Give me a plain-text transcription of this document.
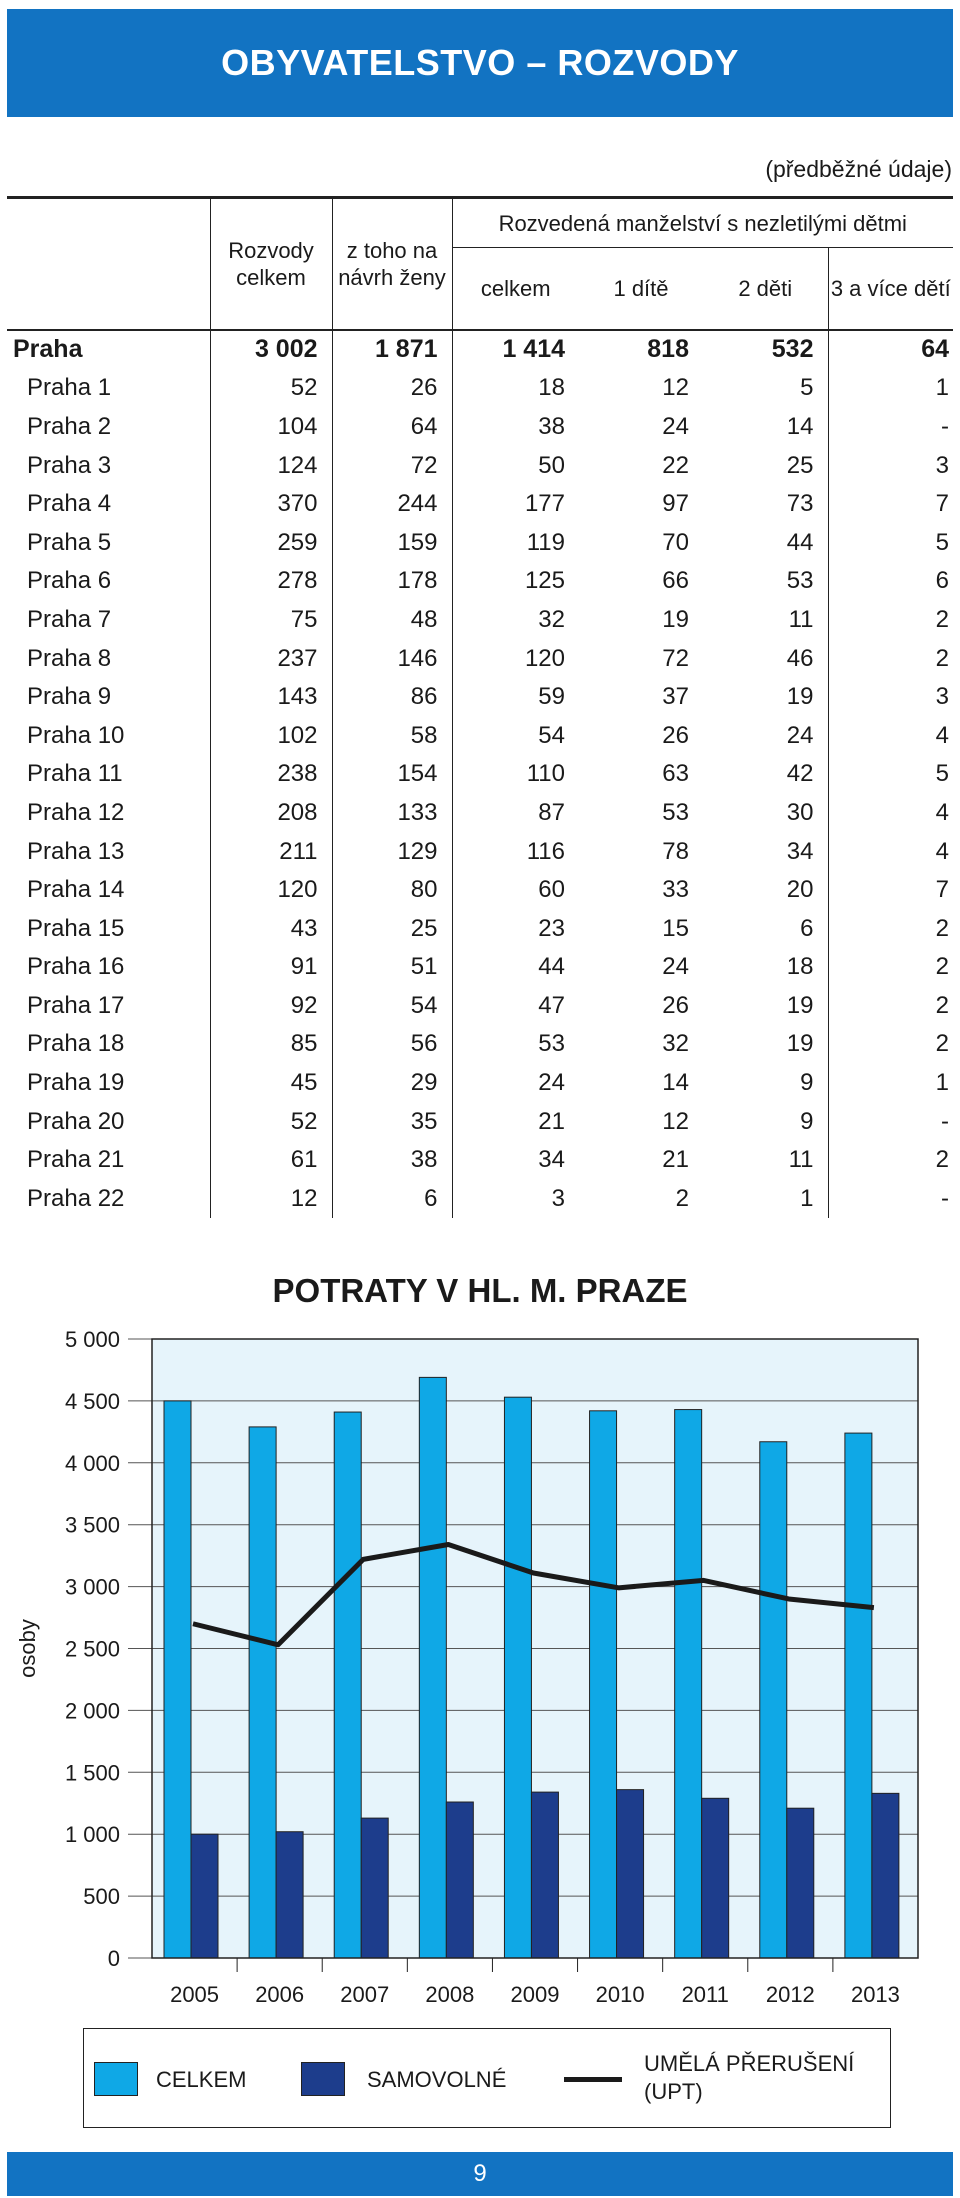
OBYVATELSTVO – ROZVODY
(předběžné údaje)
	Rozvody celkem	z toho na návrh ženy	Rozvedená manželství s nezletilými dětmi			
			celkem	1 dítě	2 děti	3 a více dětí
Praha	3 002	1 871	1 414	818	532	64
Praha 1	52	26	18	12	5	1
Praha 2	104	64	38	24	14	-
Praha 3	124	72	50	22	25	3
Praha 4	370	244	177	97	73	7
Praha 5	259	159	119	70	44	5
Praha 6	278	178	125	66	53	6
Praha 7	75	48	32	19	11	2
Praha 8	237	146	120	72	46	2
Praha 9	143	86	59	37	19	3
Praha 10	102	58	54	26	24	4
Praha 11	238	154	110	63	42	5
Praha 12	208	133	87	53	30	4
Praha 13	211	129	116	78	34	4
Praha 14	120	80	60	33	20	7
Praha 15	43	25	23	15	6	2
Praha 16	91	51	44	24	18	2
Praha 17	92	54	47	26	19	2
Praha 18	85	56	53	32	19	2
Praha 19	45	29	24	14	9	1
Praha 20	52	35	21	12	9	-
Praha 21	61	38	34	21	11	2
Praha 22	12	6	3	2	1	-
POTRATY V HL. M. PRAZE
0
500
1 000
1 500
2 000
2 500
3 000
3 500
4 000
4 500
5 000
2005 2006 2007 2008 2009 2010 2011 2012 2013
osoby
CELKEM	SAMOVOLNÉ
UMĚLÁ PŘERUŠENÍ
(UPT)
9
